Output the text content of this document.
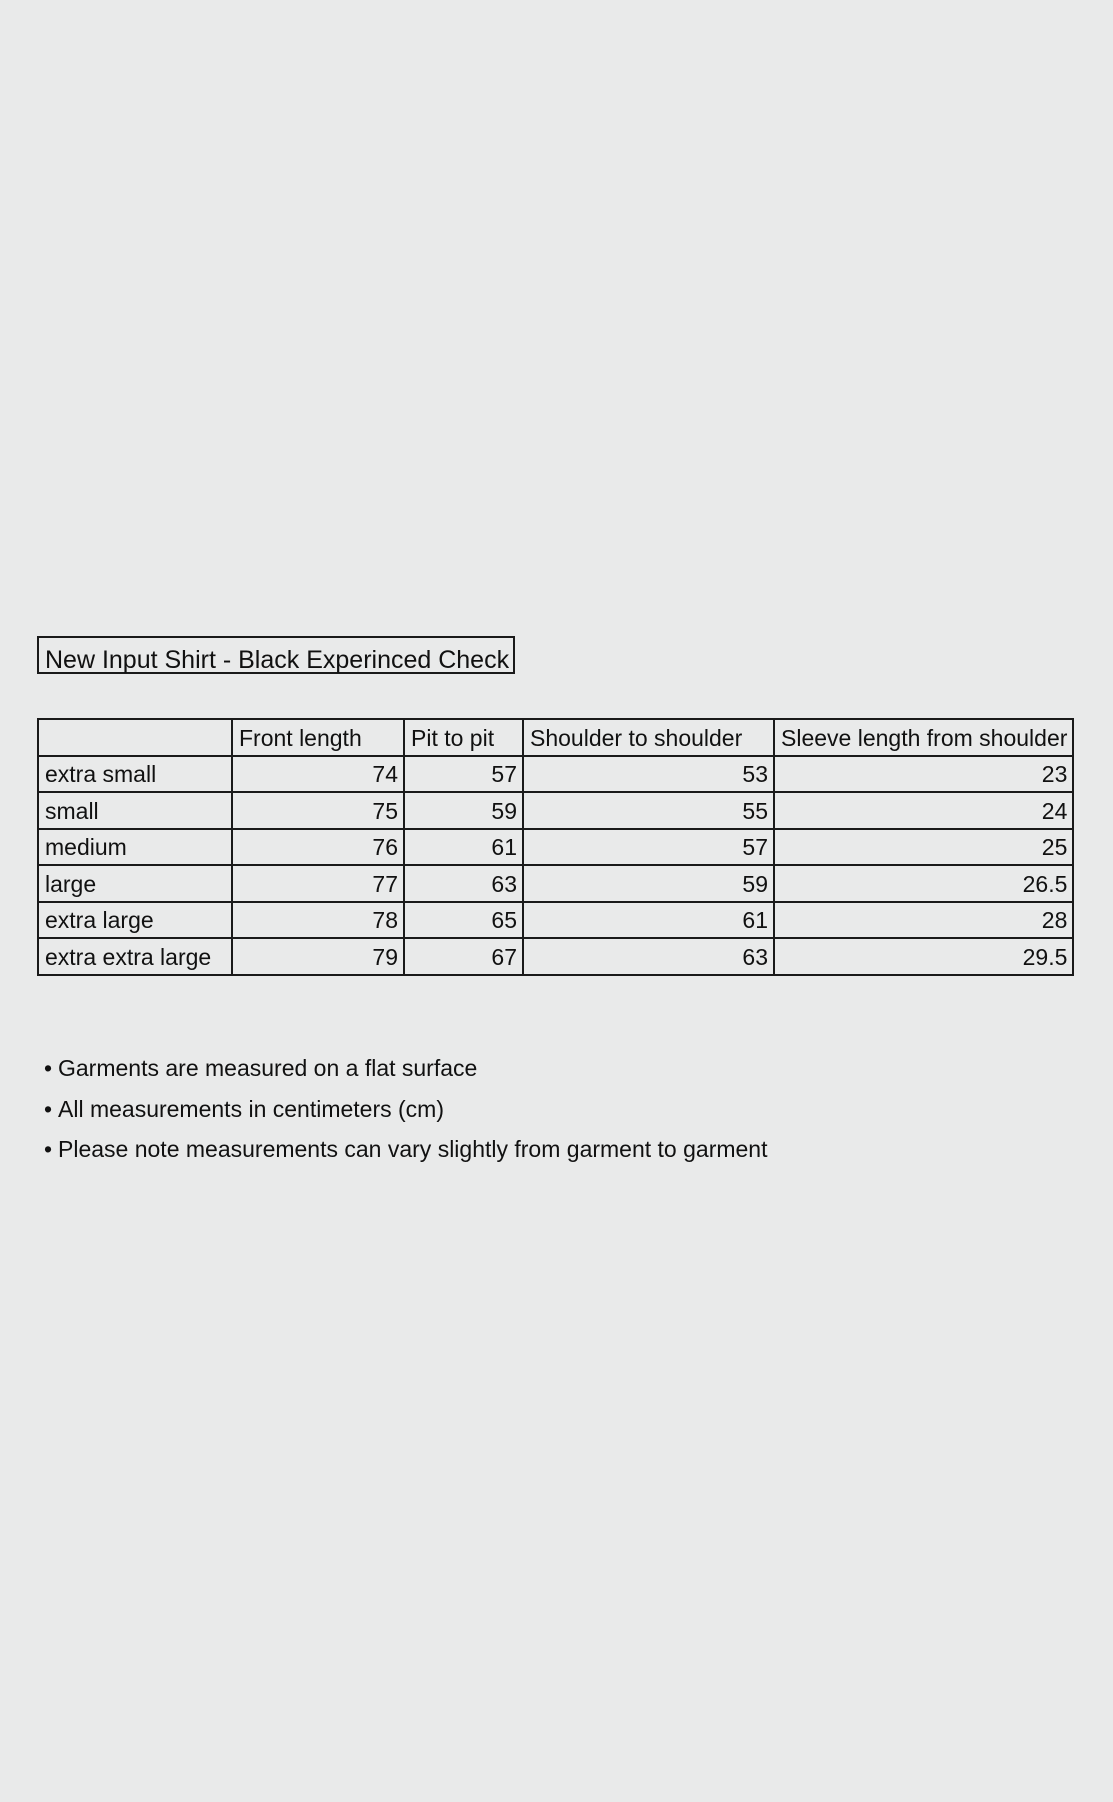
New Input Shirt - Black Experinced Check
	Front length	Pit to pit	Shoulder to shoulder	Sleeve length from shoulder
extra small	74	57	53	23
small	75	59	55	24
medium	76	61	57	25
large	77	63	59	26.5
extra large	78	65	61	28
extra extra large	79	67	63	29.5
• Garments are measured on a flat surface
• All measurements in centimeters (cm)
• Please note measurements can vary slightly from garment to garment
